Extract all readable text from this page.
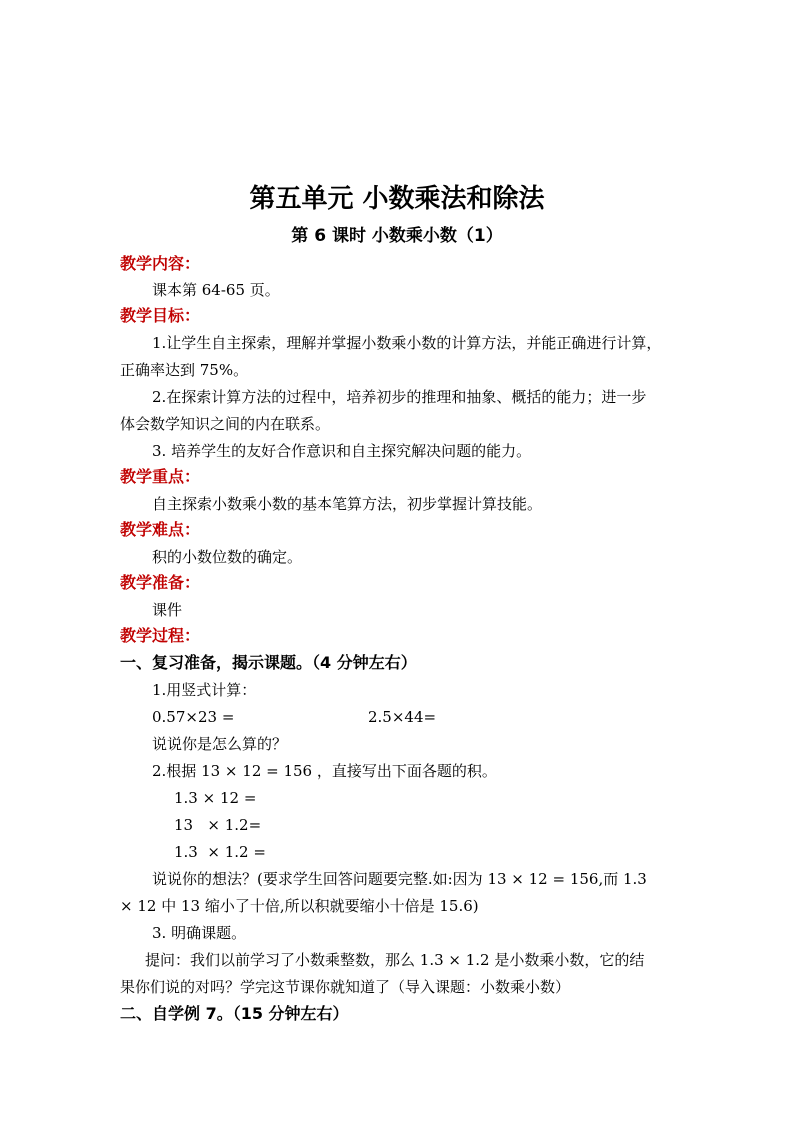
第五单元 小数乘法和除法
第 6 课时 小数乘小数（1）
教学内容：
课本第 64-65 页。
教学目标：
1.让学生自主探索，理解并掌握小数乘小数的计算方法，并能正确进行计算，
正确率达到 75%。
2.在探索计算方法的过程中，培养初步的推理和抽象、概括的能力；进一步
体会数学知识之间的内在联系。
3. 培养学生的友好合作意识和自主探究解决问题的能力。
教学重点：
自主探索小数乘小数的基本笔算方法，初步掌握计算技能。
教学难点：
积的小数位数的确定。
教学准备：
课件
教学过程：
一、复习准备，揭示课题。（4 分钟左右）
1.用竖式计算：
0.57×23 =	2.5×44=
说说你是怎么算的？
2.根据 13 × 12 = 156 ，直接写出下面各题的积。
1.3 × 12 =
13   × 1.2=
1.3  × 1.2 =
说说你的想法？(要求学生回答问题要完整.如:因为 13 × 12 = 156,而 1.3
× 12 中 13 缩小了十倍,所以积就要缩小十倍是 15.6)
3. 明确课题。
提问：我们以前学习了小数乘整数，那么 1.3 × 1.2 是小数乘小数，它的结
果你们说的对吗？学完这节课你就知道了（导入课题：小数乘小数）
二、自学例 7。（15 分钟左右）
